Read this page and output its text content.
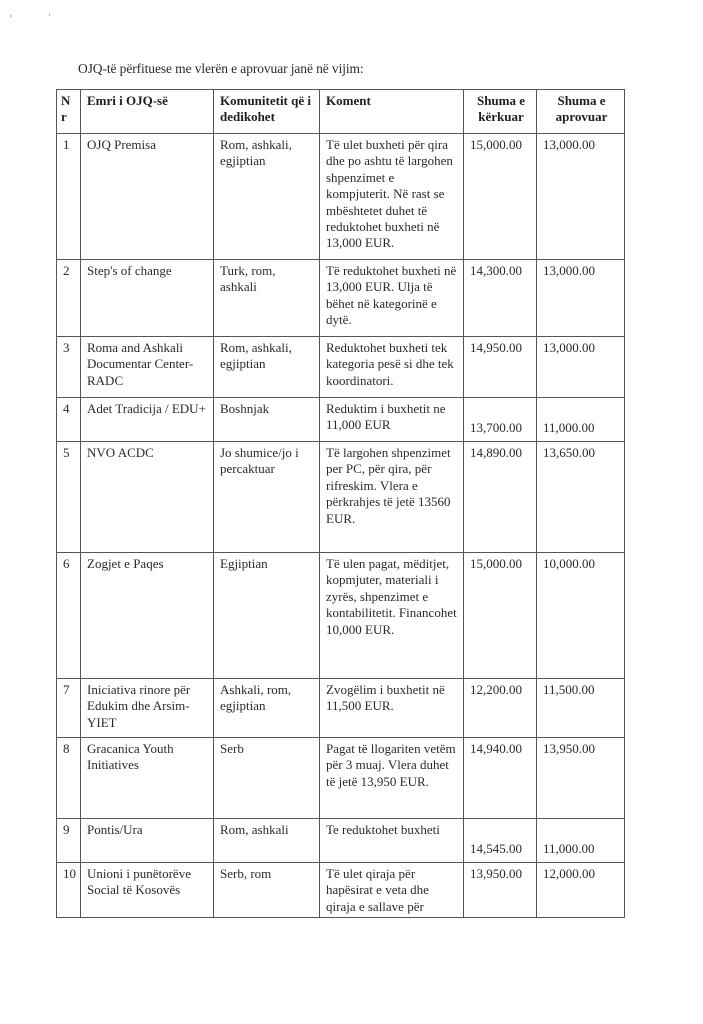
OJQ-të përfituese me vlerën e aprovuar janë në vijim:
N r	Emri i OJQ-së	Komunitetit që i dedikohet	Koment	Shuma e kërkuar	Shuma e aprovuar
1	OJQ Premisa	Rom, ashkali, egjiptian	Të ulet buxheti për qira dhe po ashtu të largohen shpenzimet e kompjuterit. Në rast se mbështetet duhet të reduktohet buxheti në 13,000 EUR.	15,000.00	13,000.00
2	Step's of change	Turk, rom, ashkali	Të reduktohet buxheti në 13,000 EUR. Ulja të bëhet në kategorinë e dytë.	14,300.00	13,000.00
3	Roma and Ashkali Documentar Center-RADC	Rom, ashkali, egjiptian	Reduktohet buxheti tek kategoria pesë si dhe tek koordinatori.	14,950.00	13,000.00
4	Adet Tradicija / EDU+	Boshnjak	Reduktim i buxhetit ne 11,000 EUR	13,700.00	11,000.00
5	NVO ACDC	Jo shumice/jo i percaktuar	Të largohen shpenzimet per PC, për qira, për rifreskim. Vlera e përkrahjes të jetë 13560 EUR.	14,890.00	13,650.00
6	Zogjet e Paqes	Egjiptian	Të ulen pagat, mëditjet, kopmjuter, materiali i zyrës, shpenzimet e kontabilitetit. Financohet 10,000 EUR.	15,000.00	10,000.00
7	Iniciativa rinore për Edukim dhe Arsim-YIET	Ashkali, rom, egjiptian	Zvogëlim i buxhetit në 11,500 EUR.	12,200.00	11,500.00
8	Gracanica Youth Initiatives	Serb	Pagat të llogariten vetëm për 3 muaj. Vlera duhet të jetë 13,950 EUR.	14,940.00	13,950.00
9	Pontis/Ura	Rom, ashkali	Te reduktohet buxheti	14,545.00	11,000.00
10	Unioni i punëtorëve Social të Kosovës	Serb, rom	Të ulet qiraja për hapësirat e veta dhe qiraja e sallave për	13,950.00	12,000.00
